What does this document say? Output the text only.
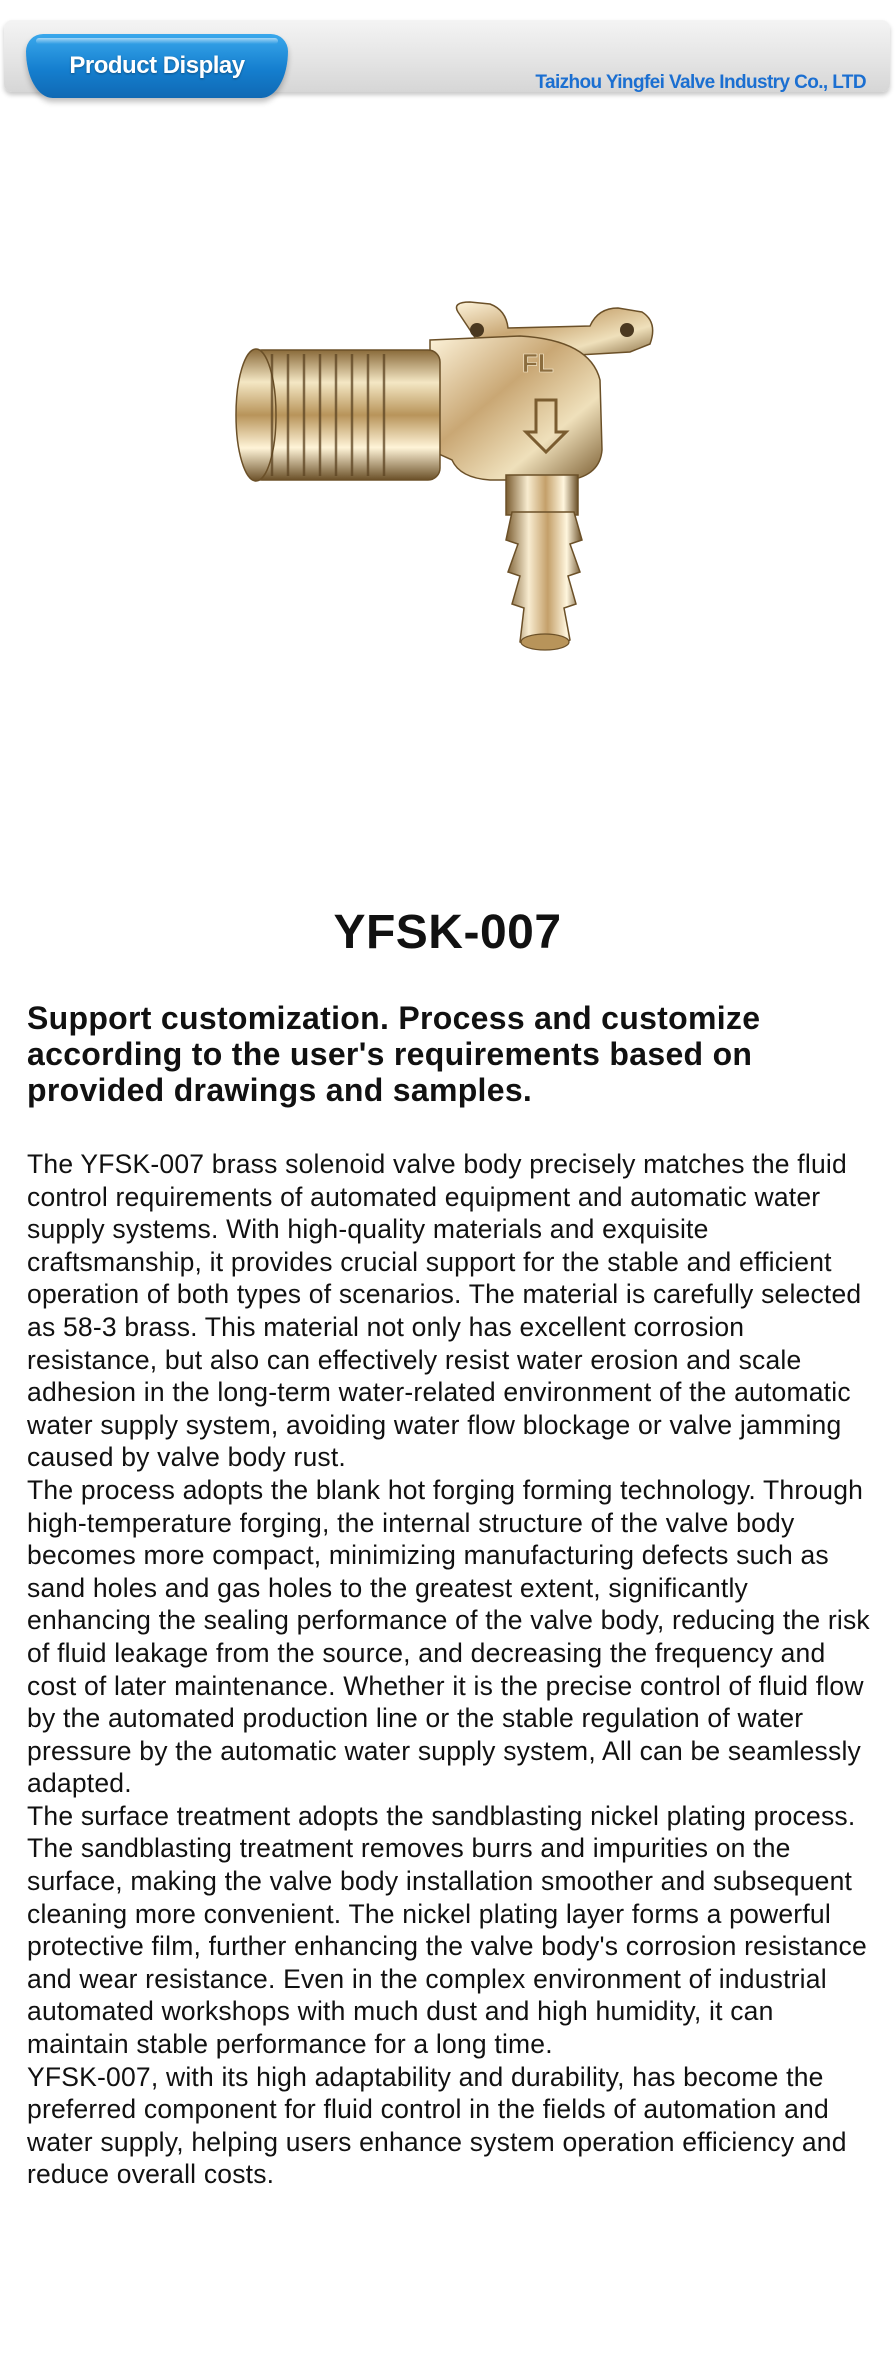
Product Display
Taizhou Yingfei Valve Industry Co., LTD
FL
YFSK-007
Support customization. Process and customize according to the user's requirements based on provided drawings and samples.

The YFSK-007 brass solenoid valve body precisely matches the fluid control requirements of automated equipment and automatic water supply systems. With high-quality materials and exquisite craftsmanship, it provides crucial support for the stable and efficient operation of both types of scenarios. The material is carefully selected as 58-3 brass. This material not only has excellent corrosion resistance, but also can effectively resist water erosion and scale adhesion in the long-term water-related environment of the automatic water supply system, avoiding water flow blockage or valve jamming caused by valve body rust.

The process adopts the blank hot forging forming technology. Through high-temperature forging, the internal structure of the valve body becomes more compact, minimizing manufacturing defects such as sand holes and gas holes to the greatest extent, significantly enhancing the sealing performance of the valve body, reducing the risk of fluid leakage from the source, and decreasing the frequency and cost of later maintenance. Whether it is the precise control of fluid flow by the automated production line or the stable regulation of water pressure by the automatic water supply system, All can be seamlessly adapted.

The surface treatment adopts the sandblasting nickel plating process. The sandblasting treatment removes burrs and impurities on the surface, making the valve body installation smoother and subsequent cleaning more convenient. The nickel plating layer forms a powerful protective film, further enhancing the valve body's corrosion resistance and wear resistance. Even in the complex environment of industrial automated workshops with much dust and high humidity, it can maintain stable performance for a long time.

YFSK-007, with its high adaptability and durability, has become the preferred component for fluid control in the fields of automation and water supply, helping users enhance system operation efficiency and reduce overall costs.
